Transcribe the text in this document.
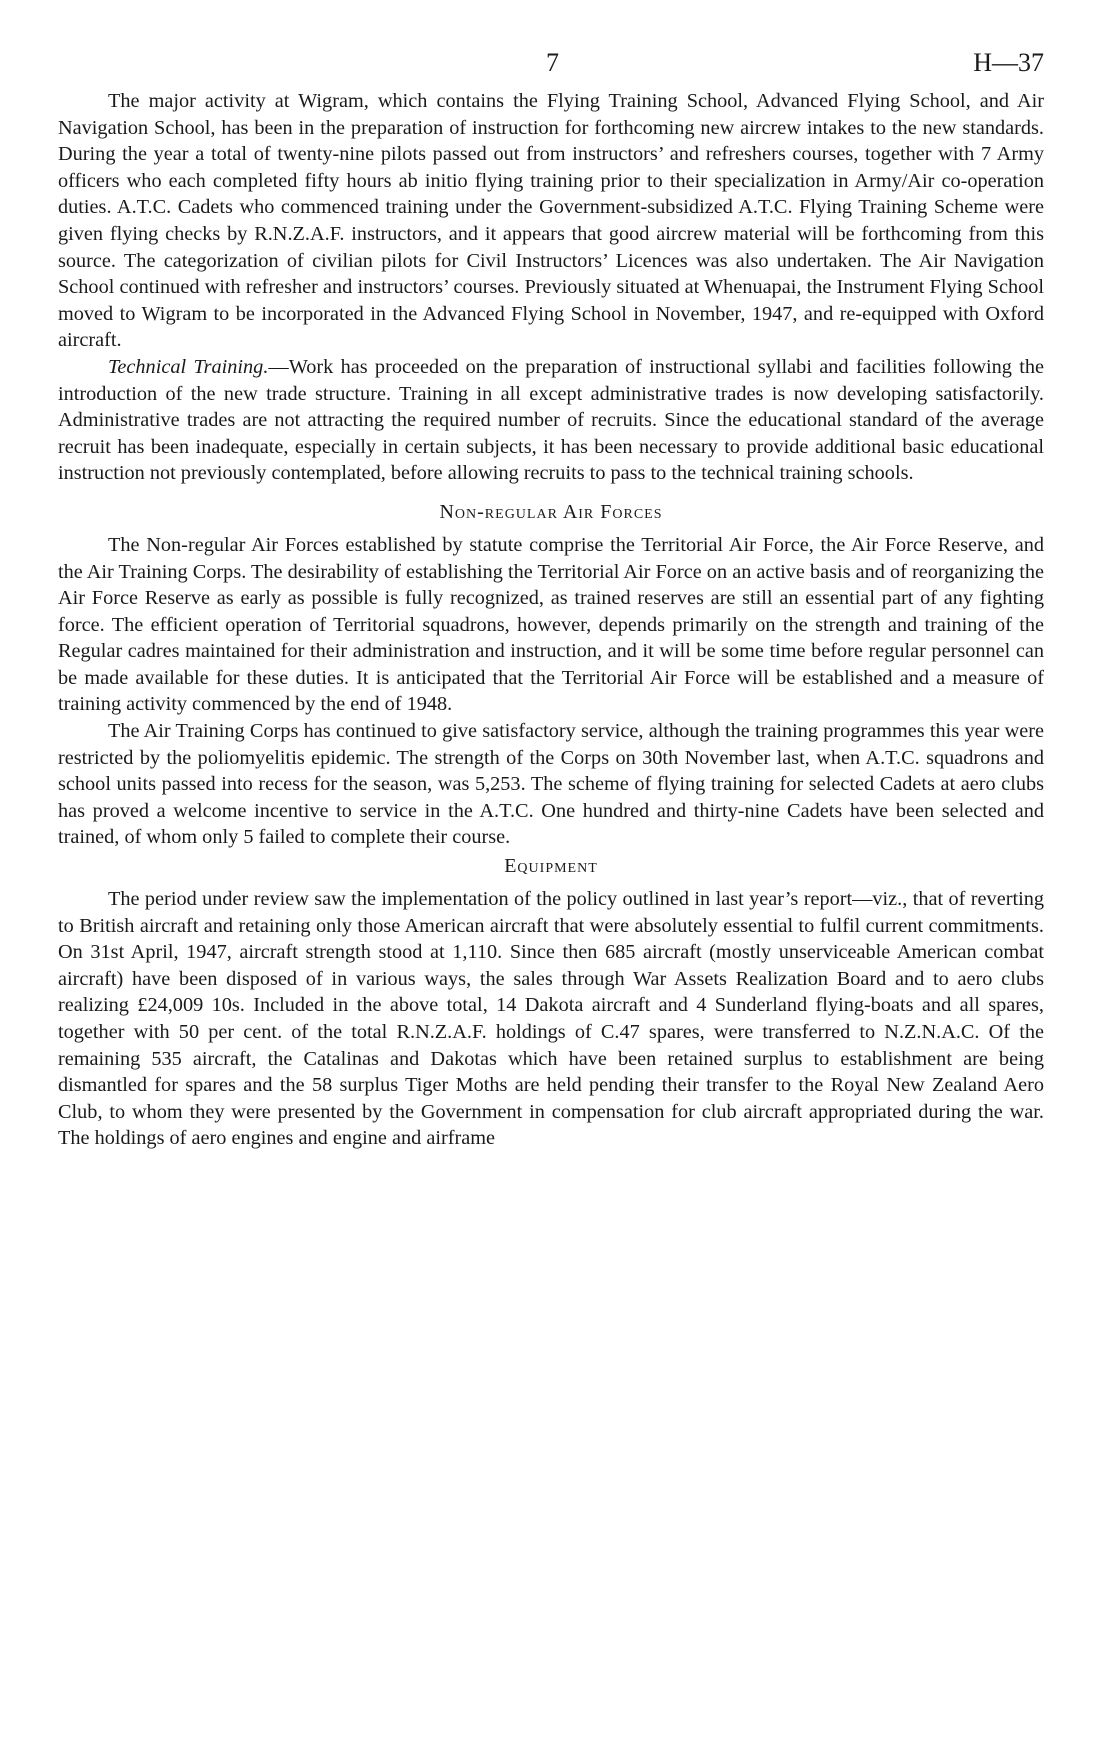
7	H—37

The major activity at Wigram, which contains the Flying Training School, Advanced Flying School, and Air Navigation School, has been in the preparation of instruction for forthcoming new aircrew intakes to the new standards. During the year a total of twenty-nine pilots passed out from instructors’ and refreshers courses, together with 7 Army officers who each completed fifty hours ab initio flying training prior to their specialization in Army/Air co-operation duties. A.T.C. Cadets who commenced training under the Government-subsidized A.T.C. Flying Training Scheme were given flying checks by R.N.Z.A.F. instructors, and it appears that good aircrew material will be forthcoming from this source. The categorization of civilian pilots for Civil Instructors’ Licences was also undertaken. The Air Navigation School continued with refresher and instructors’ courses. Previously situated at Whenuapai, the Instrument Flying School moved to Wigram to be incorporated in the Advanced Flying School in November, 1947, and re-equipped with Oxford aircraft.

Technical Training.—Work has proceeded on the preparation of instructional syllabi and facilities following the introduction of the new trade structure. Training in all except administrative trades is now developing satisfactorily. Administrative trades are not attracting the required number of recruits. Since the educational standard of the average recruit has been inadequate, especially in certain subjects, it has been necessary to provide additional basic educational instruction not previously contemplated, before allowing recruits to pass to the technical training schools.

Non-regular Air Forces

The Non-regular Air Forces established by statute comprise the Territorial Air Force, the Air Force Reserve, and the Air Training Corps. The desirability of establishing the Territorial Air Force on an active basis and of reorganizing the Air Force Reserve as early as possible is fully recognized, as trained reserves are still an essential part of any fighting force. The efficient operation of Territorial squadrons, however, depends primarily on the strength and training of the Regular cadres maintained for their administration and instruction, and it will be some time before regular personnel can be made available for these duties. It is anticipated that the Territorial Air Force will be established and a measure of training activity commenced by the end of 1948.

The Air Training Corps has continued to give satisfactory service, although the training programmes this year were restricted by the poliomyelitis epidemic. The strength of the Corps on 30th November last, when A.T.C. squadrons and school units passed into recess for the season, was 5,253. The scheme of flying training for selected Cadets at aero clubs has proved a welcome incentive to service in the A.T.C. One hundred and thirty-nine Cadets have been selected and trained, of whom only 5 failed to complete their course.

Equipment

The period under review saw the implementation of the policy outlined in last year’s report—viz., that of reverting to British aircraft and retaining only those American aircraft that were absolutely essential to fulfil current commitments. On 31st April, 1947, aircraft strength stood at 1,110. Since then 685 aircraft (mostly unserviceable American combat aircraft) have been disposed of in various ways, the sales through War Assets Realization Board and to aero clubs realizing £24,009 10s. Included in the above total, 14 Dakota aircraft and 4 Sunderland flying-boats and all spares, together with 50 per cent. of the total R.N.Z.A.F. holdings of C.47 spares, were transferred to N.Z.N.A.C. Of the remaining 535 aircraft, the Catalinas and Dakotas which have been retained surplus to establishment are being dismantled for spares and the 58 surplus Tiger Moths are held pending their transfer to the Royal New Zealand Aero Club, to whom they were presented by the Government in compensation for club aircraft appropriated during the war. The holdings of aero engines and engine and airframe
